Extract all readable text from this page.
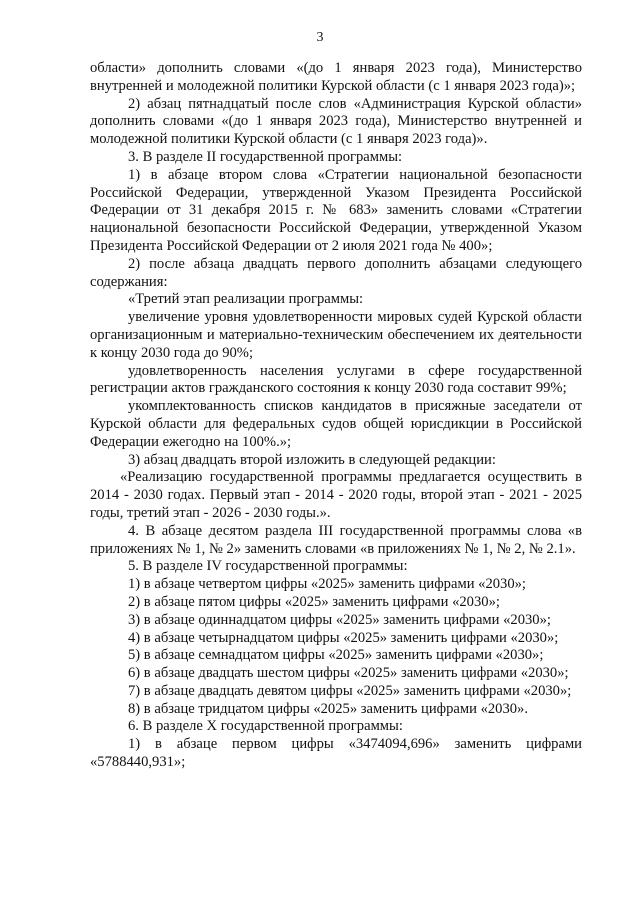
3

области» дополнить словами «(до 1 января 2023 года), Министерство внутренней и молодежной политики Курской области (с 1 января 2023 года)»;

2) абзац пятнадцатый после слов «Администрация Курской области» дополнить словами «(до 1 января 2023 года), Министерство внутренней и молодежной политики Курской области (с 1 января 2023 года)».

3. В разделе II государственной программы:

1) в абзаце втором слова «Стратегии национальной безопасности Российской Федерации, утвержденной Указом Президента Российской Федерации от 31 декабря 2015 г. № 683» заменить словами «Стратегии национальной безопасности Российской Федерации, утвержденной Указом Президента Российской Федерации от 2 июля 2021 года № 400»;

2) после абзаца двадцать первого дополнить абзацами следующего содержания:

«Третий этап реализации программы:

увеличение уровня удовлетворенности мировых судей Курской области организационным и материально-техническим обеспечением их деятельности к концу 2030 года до 90%;

удовлетворенность населения услугами в сфере государственной регистрации актов гражданского состояния к концу 2030 года составит 99%;

укомплектованность списков кандидатов в присяжные заседатели от Курской области для федеральных судов общей юрисдикции в Российской Федерации ежегодно на 100%.»;

3) абзац двадцать второй изложить в следующей редакции:

«Реализацию государственной программы предлагается осуществить в 2014 - 2030 годах. Первый этап - 2014 - 2020 годы, второй этап - 2021 - 2025 годы, третий этап - 2026 - 2030 годы.».

4. В абзаце десятом раздела III государственной программы слова «в приложениях № 1, № 2» заменить словами «в приложениях № 1, № 2, № 2.1».

5. В разделе IV государственной программы:

1) в абзаце четвертом цифры «2025» заменить цифрами «2030»;

2) в абзаце пятом цифры «2025» заменить цифрами «2030»;

3) в абзаце одиннадцатом цифры «2025» заменить цифрами «2030»;

4) в абзаце четырнадцатом цифры «2025» заменить цифрами «2030»;

5) в абзаце семнадцатом цифры «2025» заменить цифрами «2030»;

6) в абзаце двадцать шестом цифры «2025» заменить цифрами «2030»;

7) в абзаце двадцать девятом цифры «2025» заменить цифрами «2030»;

8) в абзаце тридцатом цифры «2025» заменить цифрами «2030».

6. В разделе X государственной программы:

1) в абзаце первом цифры «3474094,696» заменить цифрами «5788440,931»;
